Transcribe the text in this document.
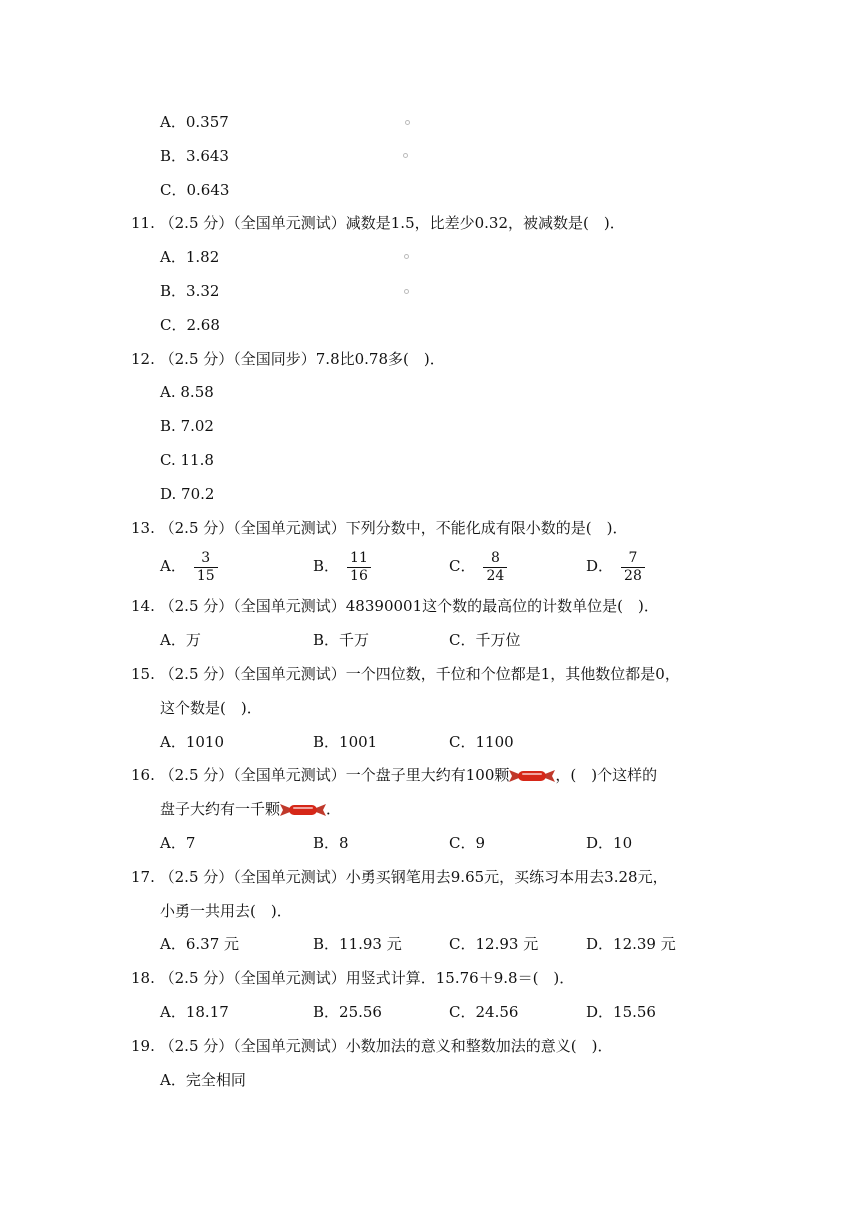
A．0.357
B．3.643
C．0.643
11. （2.5 分）（全国单元测试）减数是1.5，比差少0.32，被减数是(　)．
A．1.82
B．3.32
C．2.68
12. （2.5 分）（全国同步）7.8比0.78多(　)．
A. 8.58
B. 7.02
C. 11.8
D. 70.2
13. （2.5 分）（全国单元测试）下列分数中，不能化成有限小数的是(　)．
A． $\frac{3}{15}$	B． $\frac{11}{16}$	C． $\frac{8}{24}$	D． $\frac{7}{28}$
14. （2.5 分）（全国单元测试）48390001这个数的最高位的计数单位是(　)．
A．万	B．千万	C．千万位
15. （2.5 分）（全国单元测试）一个四位数，千位和个位都是1，其他数位都是0，
这个数是(　)．
A．1010	B．1001	C．1100
16. （2.5 分）（全国单元测试）一个盘子里大约有100颗	，(　)个这样的
盘子大约有一千颗	．
A．7	B．8	C．9	D．10
17. （2.5 分）（全国单元测试）小勇买钢笔用去9.65元，买练习本用去3.28元，
小勇一共用去(　)．
A．6.37 元	B．11.93 元	C．12.93 元	D．12.39 元
18. （2.5 分）（全国单元测试）用竖式计算．15.76＋9.8＝(　)．
A．18.17	B．25.56	C．24.56	D．15.56
19. （2.5 分）（全国单元测试）小数加法的意义和整数加法的意义(　)．
A．完全相同
